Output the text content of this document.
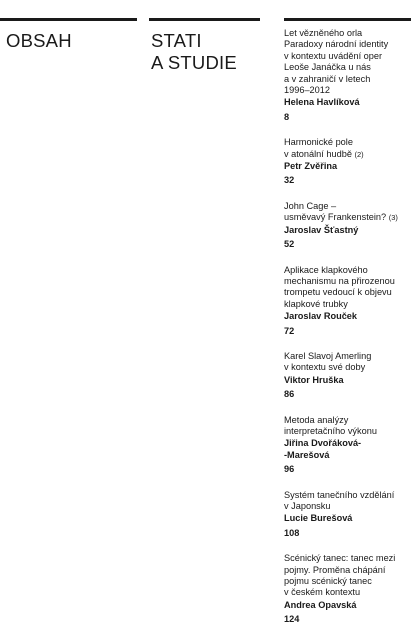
OBSAH	STATI
A STUDIE
Let vězněného orla
Paradoxy národní identity
v kontextu uvádění oper
Leoše Janáčka u nás
a v zahraničí v letech
1996–2012
Helena Havlíková
8
Harmonické pole
v atonální hudbě (2)
Petr Zvěřina
32
John Cage –
usměvavý Frankenstein? (3)
Jaroslav Šťastný
52
Aplikace klapkového
mechanismu na přirozenou
trompetu vedoucí k objevu
klapkové trubky
Jaroslav Rouček
72
Karel Slavoj Amerling
v kontextu své doby
Viktor Hruška
86
Metoda analýzy
interpretačního výkonu
Jiřina Dvořáková-
-Marešová
96
Systém tanečního vzdělání
v Japonsku
Lucie Burešová
108
Scénický tanec: tanec mezi
pojmy. Proměna chápání
pojmu scénický tanec
v českém kontextu
Andrea Opavská
124
